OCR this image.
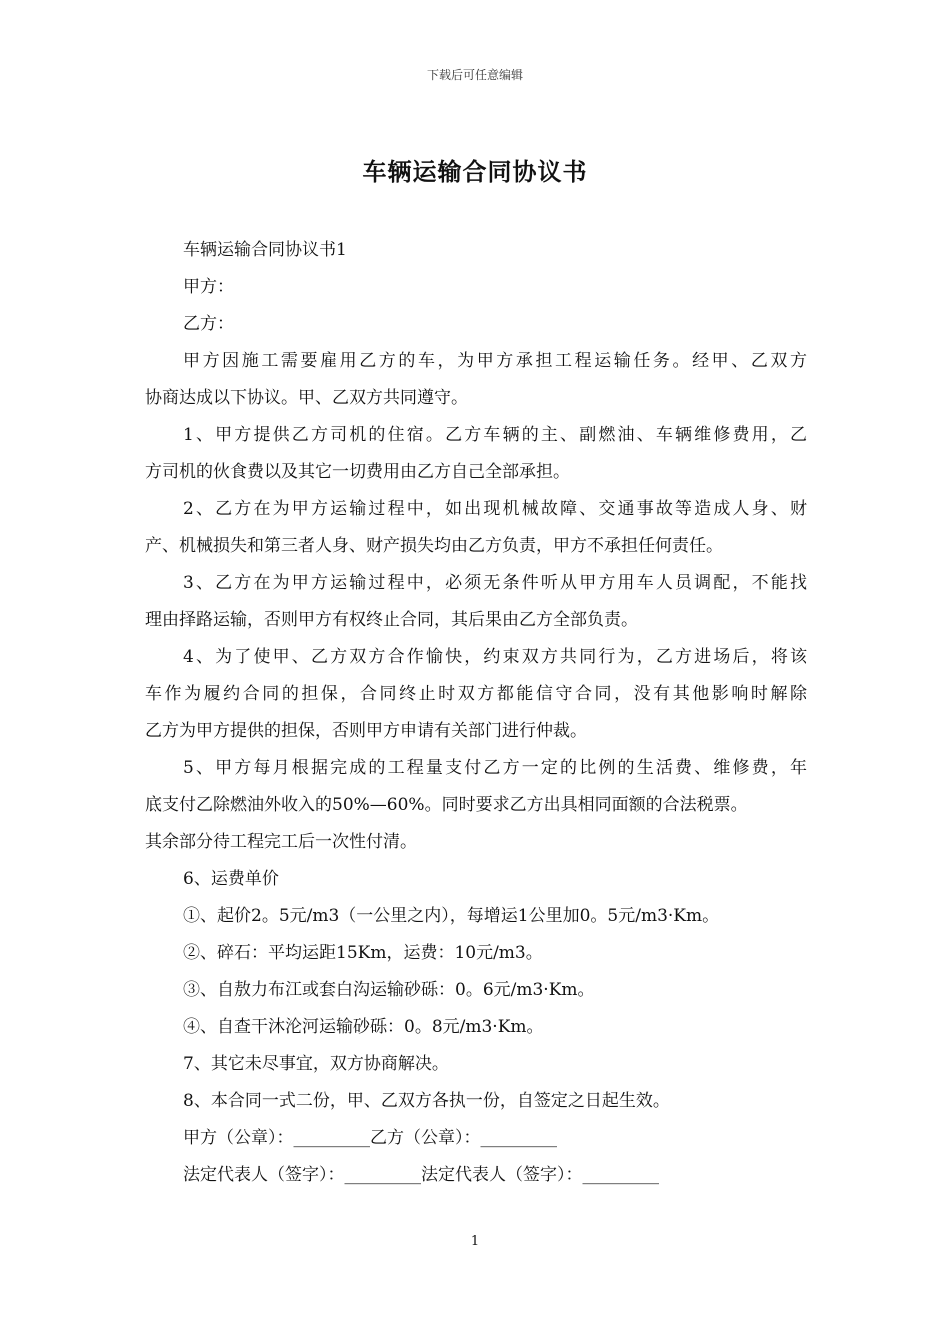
下载后可任意编辑
车辆运输合同协议书
车辆运输合同协议书1
甲方：
乙方：
甲方因施工需要雇用乙方的车，为甲方承担工程运输任务。经甲、乙双方
协商达成以下协议。甲、乙双方共同遵守。
1、甲方提供乙方司机的住宿。乙方车辆的主、副燃油、车辆维修费用，乙
方司机的伙食费以及其它一切费用由乙方自己全部承担。
2、乙方在为甲方运输过程中，如出现机械故障、交通事故等造成人身、财
产、机械损失和第三者人身、财产损失均由乙方负责，甲方不承担任何责任。
3、乙方在为甲方运输过程中，必须无条件听从甲方用车人员调配，不能找
理由择路运输，否则甲方有权终止合同，其后果由乙方全部负责。
4、为了使甲、乙方双方合作愉快，约束双方共同行为，乙方进场后，将该
车作为履约合同的担保，合同终止时双方都能信守合同，没有其他影响时解除
乙方为甲方提供的担保，否则甲方申请有关部门进行仲裁。
5、甲方每月根据完成的工程量支付乙方一定的比例的生活费、维修费，年
底支付乙除燃油外收入的50%—60%。同时要求乙方出具相同面额的合法税票。
其余部分待工程完工后一次性付清。
6、运费单价
①、起价2。5元/m3（一公里之内），每增运1公里加0。5元/m3·Km。
②、碎石：平均运距15Km，运费：10元/m3。
③、自敖力布江或套白沟运输砂砾：0。6元/m3·Km。
④、自查干沐沦河运输砂砾：0。8元/m3·Km。
7、其它未尽事宜，双方协商解决。
8、本合同一式二份，甲、乙双方各执一份，自签定之日起生效。
甲方（公章）：_________乙方（公章）：_________
法定代表人（签字）：_________法定代表人（签字）：_________
1
